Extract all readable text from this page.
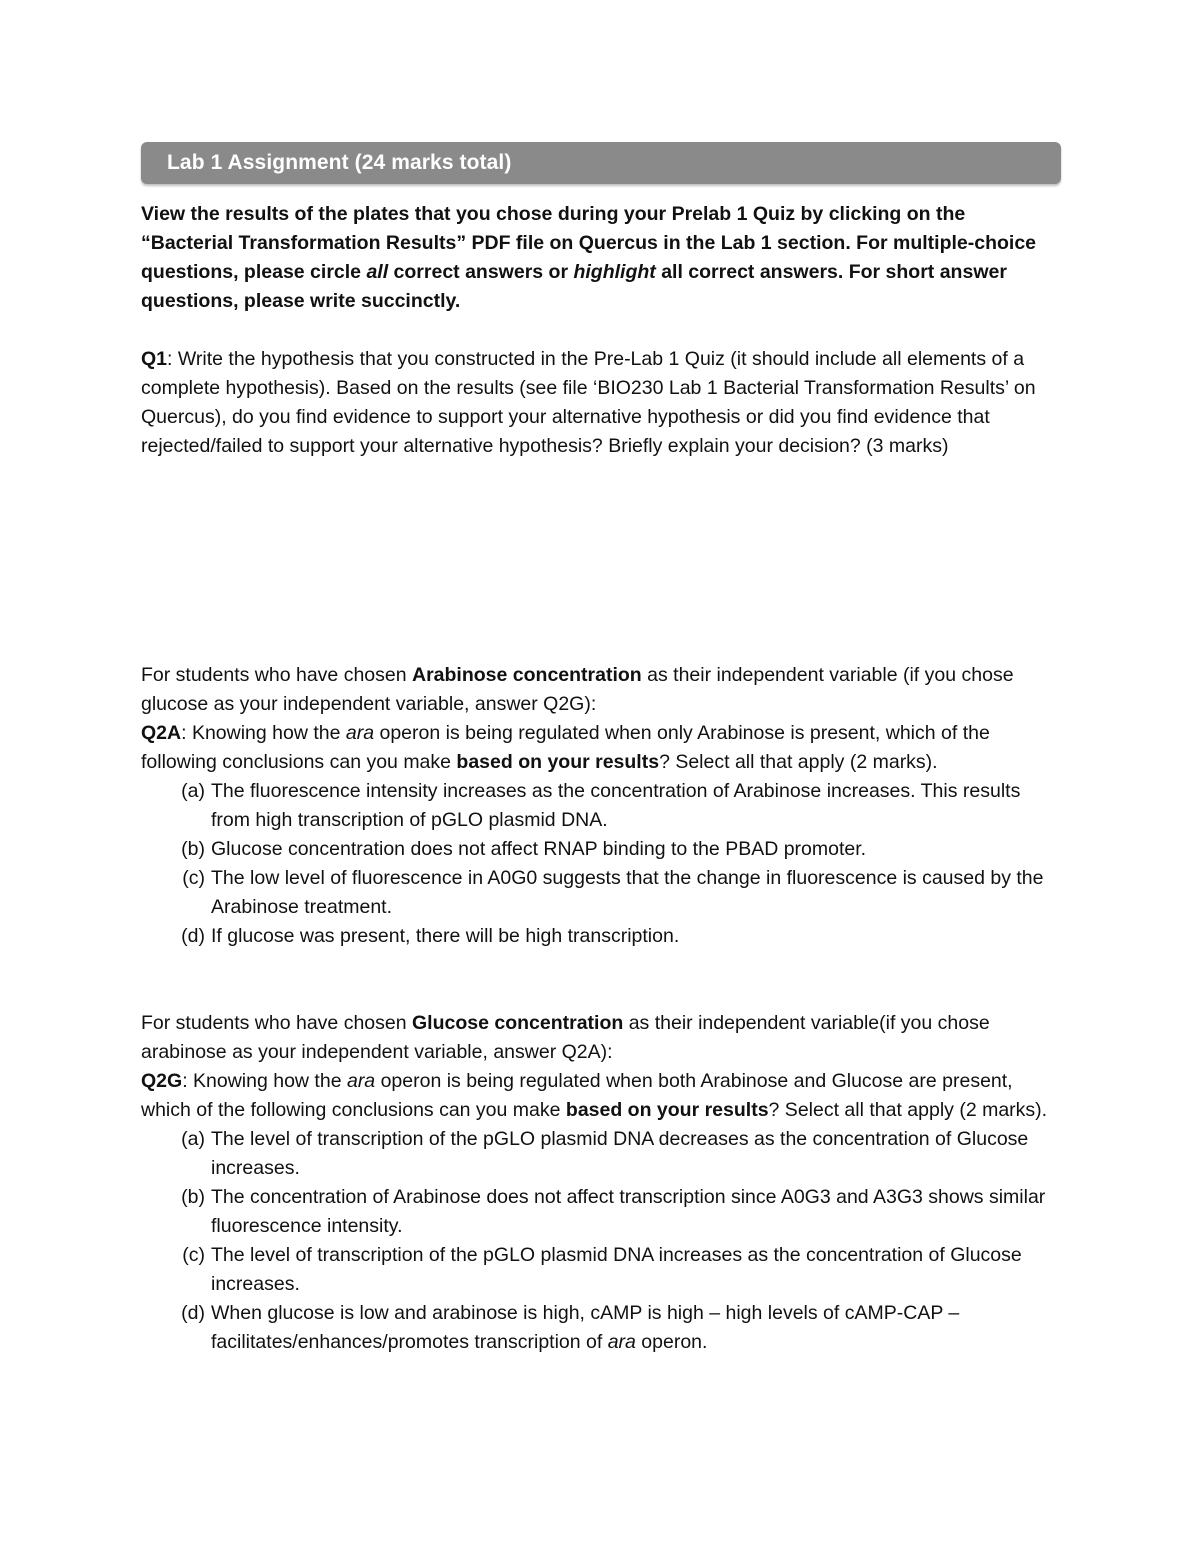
Lab 1 Assignment (24 marks total)

View the results of the plates that you chose during your Prelab 1 Quiz by clicking on the “Bacterial Transformation Results” PDF file on Quercus in the Lab 1 section. For multiple-choice questions, please circle all correct answers or highlight all correct answers. For short answer questions, please write succinctly.

Q1: Write the hypothesis that you constructed in the Pre-Lab 1 Quiz (it should include all elements of a complete hypothesis). Based on the results (see file ‘BIO230 Lab 1 Bacterial Transformation Results’ on Quercus), do you find evidence to support your alternative hypothesis or did you find evidence that rejected/failed to support your alternative hypothesis? Briefly explain your decision? (3 marks)

For students who have chosen Arabinose concentration as their independent variable (if you chose glucose as your independent variable, answer Q2G):

Q2A: Knowing how the ara operon is being regulated when only Arabinose is present, which of the following conclusions can you make based on your results? Select all that apply (2 marks).

(a) The fluorescence intensity increases as the concentration of Arabinose increases. This results from high transcription of pGLO plasmid DNA.
(b) Glucose concentration does not affect RNAP binding to the PBAD promoter.
(c) The low level of fluorescence in A0G0 suggests that the change in fluorescence is caused by the Arabinose treatment.
(d) If glucose was present, there will be high transcription.

For students who have chosen Glucose concentration as their independent variable(if you chose arabinose as your independent variable, answer Q2A):

Q2G: Knowing how the ara operon is being regulated when both Arabinose and Glucose are present, which of the following conclusions can you make based on your results? Select all that apply (2 marks).

(a) The level of transcription of the pGLO plasmid DNA decreases as the concentration of Glucose increases.
(b) The concentration of Arabinose does not affect transcription since A0G3 and A3G3 shows similar fluorescence intensity.
(c) The level of transcription of the pGLO plasmid DNA increases as the concentration of Glucose increases.
(d) When glucose is low and arabinose is high, cAMP is high – high levels of cAMP-CAP – facilitates/enhances/promotes transcription of ara operon.
